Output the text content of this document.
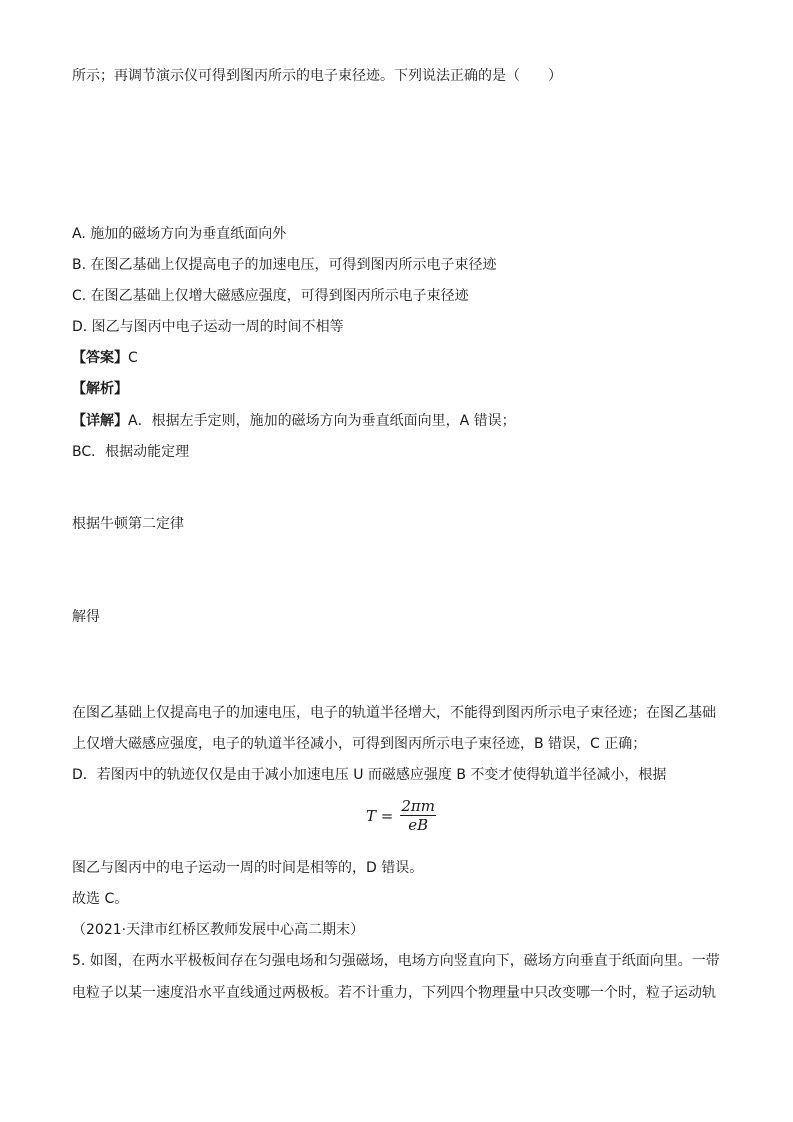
所示；再调节演示仪可得到图丙所示的电子束径迹。下列说法正确的是（　　）
A. 施加的磁场方向为垂直纸面向外
B. 在图乙基础上仅提高电子的加速电压，可得到图丙所示电子束径迹
C. 在图乙基础上仅增大磁感应强度，可得到图丙所示电子束径迹
D. 图乙与图丙中电子运动一周的时间不相等
【答案】C
【解析】
【详解】A．根据左手定则，施加的磁场方向为垂直纸面向里，A 错误；
BC．根据动能定理
根据牛顿第二定律
解得
在图乙基础上仅提高电子的加速电压，电子的轨道半径增大，不能得到图丙所示电子束径迹；在图乙基础
上仅增大磁感应强度，电子的轨道半径减小，可得到图丙所示电子束径迹，B 错误，C 正确；
D．若图丙中的轨迹仅仅是由于减小加速电压 U 而磁感应强度 B 不变才使得轨道半径减小，根据
$T = \frac{2\pi m}{eB}$
图乙与图丙中的电子运动一周的时间是相等的，D 错误。
故选 C。
（2021·天津市红桥区教师发展中心高二期末）
5. 如图，在两水平极板间存在匀强电场和匀强磁场，电场方向竖直向下，磁场方向垂直于纸面向里。一带
电粒子以某一速度沿水平直线通过两极板。若不计重力，下列四个物理量中只改变哪一个时，粒子运动轨
